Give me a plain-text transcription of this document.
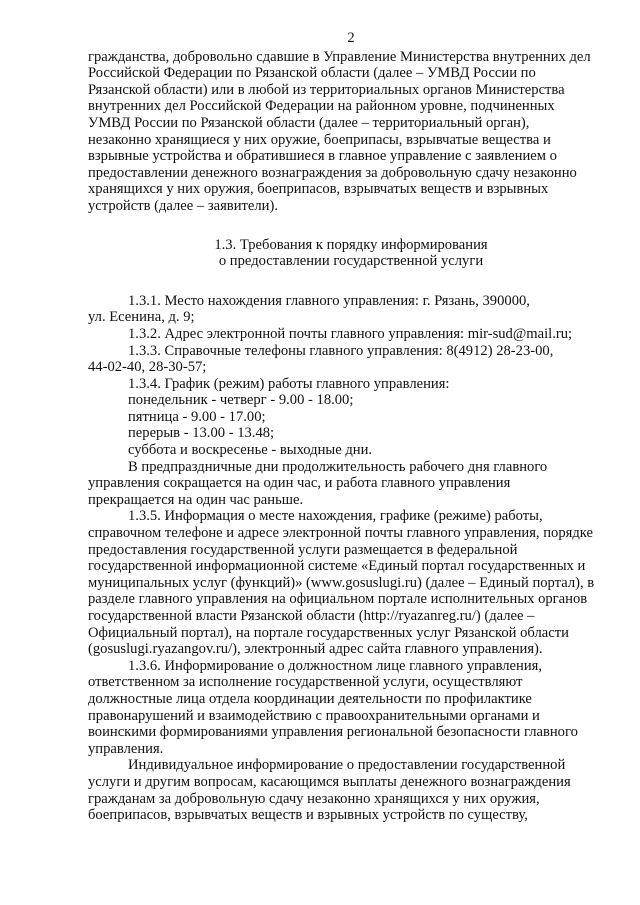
2

гражданства, добровольно сдавшие в Управление Министерства внутренних дел
Российской Федерации по Рязанской области (далее – УМВД России по
Рязанской области) или в любой из территориальных органов Министерства
внутренних дел Российской Федерации на районном уровне, подчиненных
УМВД России по Рязанской области (далее – территориальный орган),
незаконно хранящиеся у них оружие, боеприпасы, взрывчатые вещества и
взрывные устройства и обратившиеся в главное управление с заявлением о
предоставлении денежного вознаграждения за добровольную сдачу незаконно
хранящихся у них оружия, боеприпасов, взрывчатых веществ и взрывных
устройств (далее – заявители).

1.3. Требования к порядку информирования
о предоставлении государственной услуги

1.3.1. Место нахождения главного управления: г. Рязань, 390000,
ул. Есенина, д. 9;

1.3.2. Адрес электронной почты главного управления: mir-sud@mail.ru;

1.3.3. Справочные телефоны главного управления: 8(4912) 28-23-00,
44-02-40, 28-30-57;

1.3.4. График (режим) работы главного управления:
понедельник - четверг - 9.00 - 18.00;
пятница - 9.00 - 17.00;
перерыв - 13.00 - 13.48;
суббота и воскресенье - выходные дни.

В предпраздничные дни продолжительность рабочего дня главного
управления сокращается на один час, и работа главного управления
прекращается на один час раньше.

1.3.5. Информация о месте нахождения, графике (режиме) работы,
справочном телефоне и адресе электронной почты главного управления, порядке
предоставления государственной услуги размещается в федеральной
государственной информационной системе «Единый портал государственных и
муниципальных услуг (функций)» (www.gosuslugi.ru) (далее – Единый портал), в
разделе главного управления на официальном портале исполнительных органов
государственной власти Рязанской области (http://ryazanreg.ru/) (далее –
Официальный портал), на портале государственных услуг Рязанской области
(gosuslugi.ryazangov.ru/), электронный адрес сайта главного управления).

1.3.6. Информирование о должностном лице главного управления,
ответственном за исполнение государственной услуги, осуществляют
должностные лица отдела координации деятельности по профилактике
правонарушений и взаимодействию с правоохранительными органами и
воинскими формированиями управления региональной безопасности главного
управления.

Индивидуальное информирование о предоставлении государственной
услуги и другим вопросам, касающимся выплаты денежного вознаграждения
гражданам за добровольную сдачу незаконно хранящихся у них оружия,
боеприпасов, взрывчатых веществ и взрывных устройств по существу,
